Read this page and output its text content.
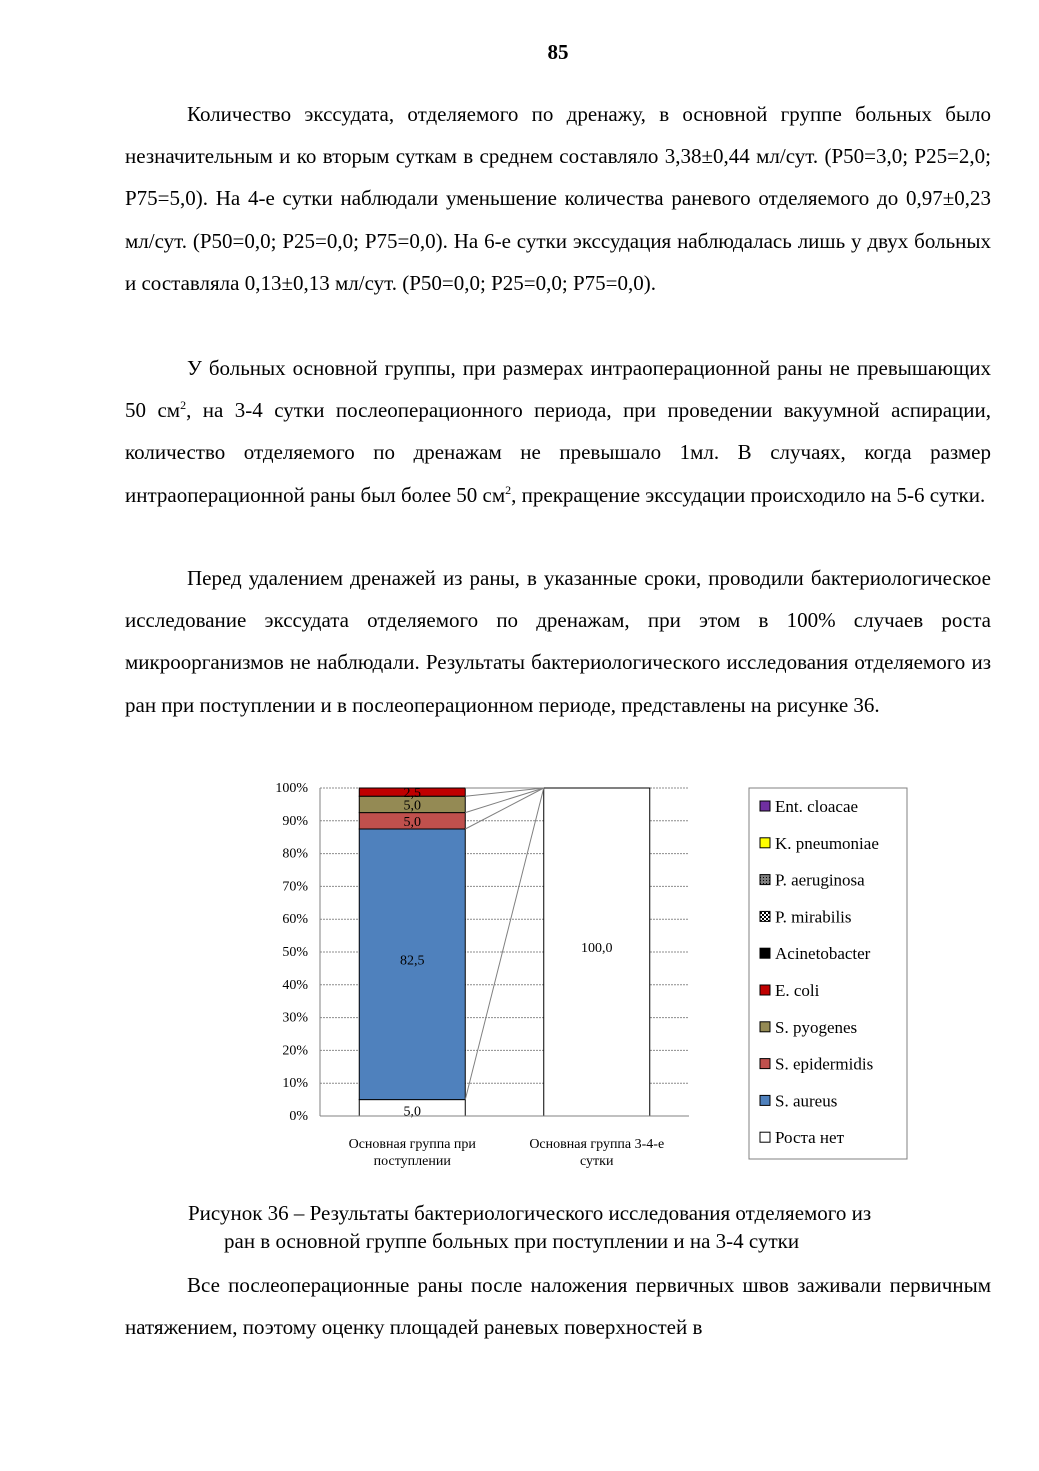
85

Количество экссудата, отделяемого по дренажу, в основной группе больных было незначительным и ко вторым суткам в среднем составляло 3,38±0,44 мл/сут. (P50=3,0; P25=2,0; P75=5,0). На 4-е сутки наблюдали уменьшение количества раневого отделяемого до 0,97±0,23 мл/сут. (P50=0,0; P25=0,0; P75=0,0). На 6-е сутки экссудация наблюдалась лишь у двух больных и составляла 0,13±0,13 мл/сут. (P50=0,0; P25=0,0; P75=0,0).

У больных основной группы, при размерах интраоперационной раны не превышающих 50 $см^2$, на 3-4 сутки послеоперационного периода, при проведении вакуумной аспирации, количество отделяемого по дренажам не превышало 1мл. В случаях, когда размер интраоперационной раны был более 50 $см^2$, прекращение экссудации происходило на 5-6 сутки.

Перед удалением дренажей из раны, в указанные сроки, проводили бактериологическое исследование экссудата отделяемого по дренажам, при этом в 100% случаев роста микроорганизмов не наблюдали. Результаты бактериологического исследования отделяемого из ран при поступлении и в послеоперационном периоде, представлены на рисунке 36.

5,0
82,5
5,0
5,0
2,5
100,0
0%
10%
20%
30%
40%
50%
60%
70%
80%
90%
100%
Основная группа при
поступлении
Основная группа 3-4-е
сутки
Ent. cloacae
K. pneumoniae
P. aeruginosa
P. mirabilis
Acinetobacter
E. coli
S. pyogenes
S. epidermidis
S. aureus
Роста нет

Рисунок 36 – Результаты бактериологического исследования отделяемого из
ран в основной группе больных при поступлении и на 3-4 сутки

Все послеоперационные раны после наложения первичных швов заживали первичным натяжением, поэтому оценку площадей раневых поверхностей в
